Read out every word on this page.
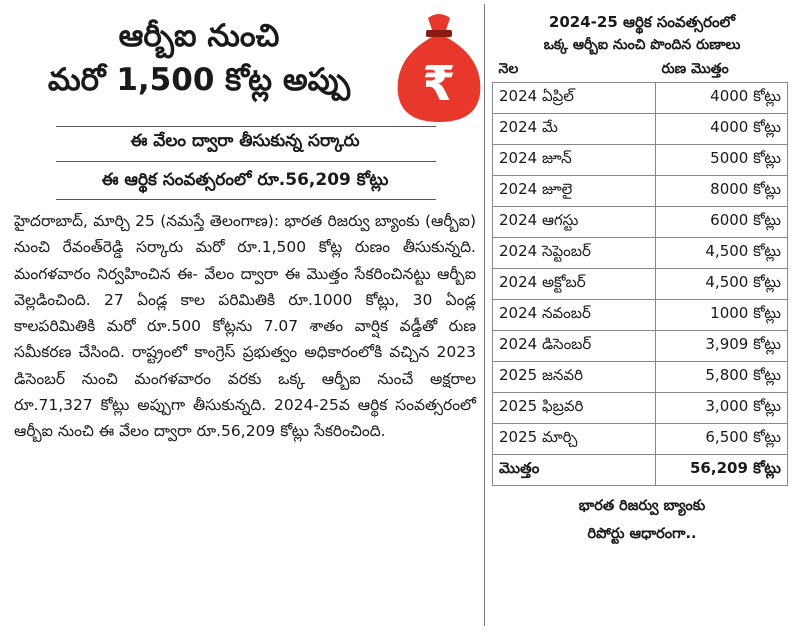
ఆర్బీఐ నుంచి
మరో 1,500 కోట్ల అప్పు	₹
ఈ వేలం ద్వారా తీసుకున్న సర్కారు
ఈ ఆర్థిక సంవత్సరంలో రూ.56,209 కోట్లు

హైదరాబాద్, మార్చి 25 (నమస్తే తెలంగాణ): భారత రిజర్వు బ్యాంకు (ఆర్బీఐ) నుంచి రేవంత్‌రెడ్డి సర్కారు మరో రూ.1,500 కోట్ల రుణం తీసుకున్నది. మంగళవారం నిర్వహించిన ఈ- వేలం ద్వారా ఈ మొత్తం సేకరించినట్టు ఆర్బీఐ వెల్లడించింది. 27 ఏండ్ల కాల పరిమితికి రూ.1000 కోట్లు, 30 ఏండ్ల కాలపరిమితికి మరో రూ.500 కోట్లను 7.07 శాతం వార్షిక వడ్డీతో రుణ సమీకరణ చేసింది. రాష్ట్రంలో కాంగ్రెస్ ప్రభుత్వం అధికారంలోకి వచ్చిన 2023 డిసెంబర్ నుంచి మంగళవారం వరకు ఒక్క ఆర్బీఐ నుంచే అక్షరాల రూ.71,327 కోట్లు అప్పుగా తీసుకున్నది. 2024-25వ ఆర్థిక సంవత్సరంలో ఆర్బీఐ నుంచి ఈ వేలం ద్వారా రూ.56,209 కోట్లు సేకరించింది.

2024-25 ఆర్థిక సంవత్సరంలో
ఒక్క ఆర్బీఐ నుంచి పొందిన రుణాలు
నెల	రుణ మొత్తం
2024 ఏప్రిల్	4000 కోట్లు
2024 మే	4000 కోట్లు
2024 జూన్	5000 కోట్లు
2024 జూలై	8000 కోట్లు
2024 ఆగస్టు	6000 కోట్లు
2024 సెప్టెంబర్	4,500 కోట్లు
2024 అక్టోబర్	4,500 కోట్లు
2024 నవంబర్	1000 కోట్లు
2024 డిసెంబర్	3,909 కోట్లు
2025 జనవరి	5,800 కోట్లు
2025 ఫిబ్రవరి	3,000 కోట్లు
2025 మార్చి	6,500 కోట్లు
మొత్తం	56,209 కోట్లు
భారత రిజర్వు బ్యాంకు
రిపోర్టు ఆధారంగా..
